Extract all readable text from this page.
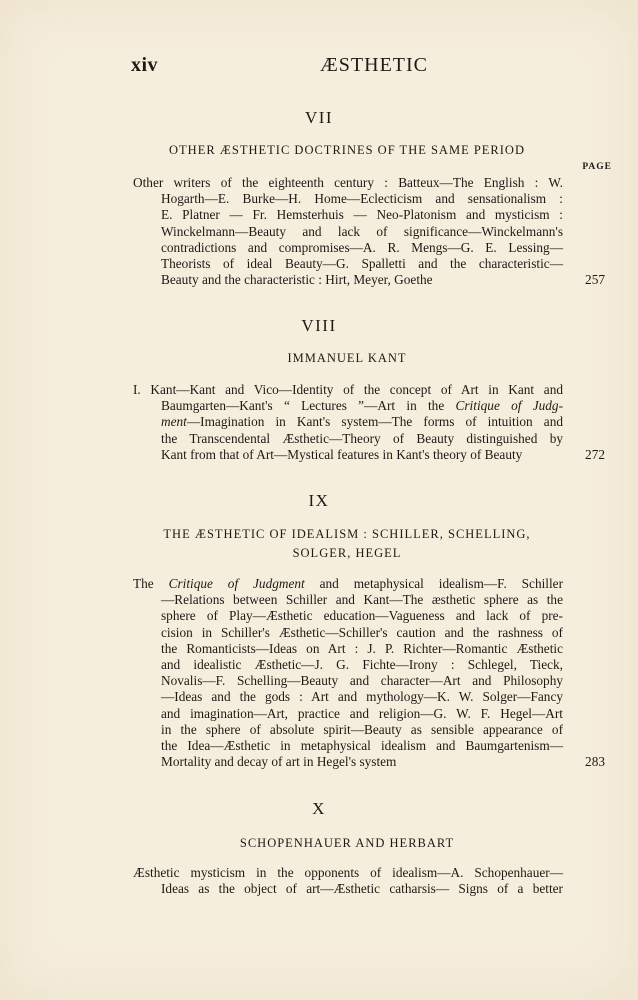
xiv	ÆSTHETIC
VII
OTHER ÆSTHETIC DOCTRINES OF THE SAME PERIOD
PAGE
Other writers of the eighteenth century : Batteux—The English : W.
Hogarth—E. Burke—H. Home—Eclecticism and sensationalism :
E. Platner — Fr. Hemsterhuis — Neo-Platonism and mysticism :
Winckelmann—Beauty and lack of significance—Winckelmann's
contradictions and compromises—A. R. Mengs—G. E. Lessing—
Theorists of ideal Beauty—G. Spalletti and the characteristic—
Beauty and the characteristic : Hirt, Meyer, Goethe	257
VIII
IMMANUEL KANT
I. Kant—Kant and Vico—Identity of the concept of Art in Kant and
Baumgarten—Kant's “ Lectures ”—Art in the Critique of Judg-
ment—Imagination in Kant's system—The forms of intuition and
the Transcendental Æsthetic—Theory of Beauty distinguished by
Kant from that of Art—Mystical features in Kant's theory of Beauty	272
IX
THE ÆSTHETIC OF IDEALISM : SCHILLER, SCHELLING,
SOLGER, HEGEL
The Critique of Judgment and metaphysical idealism—F. Schiller
—Relations between Schiller and Kant—The æsthetic sphere as the
sphere of Play—Æsthetic education—Vagueness and lack of pre-
cision in Schiller's Æsthetic—Schiller's caution and the rashness of
the Romanticists—Ideas on Art : J. P. Richter—Romantic Æsthetic
and idealistic Æsthetic—J. G. Fichte—Irony : Schlegel, Tieck,
Novalis—F. Schelling—Beauty and character—Art and Philosophy
—Ideas and the gods : Art and mythology—K. W. Solger—Fancy
and imagination—Art, practice and religion—G. W. F. Hegel—Art
in the sphere of absolute spirit—Beauty as sensible appearance of
the Idea—Æsthetic in metaphysical idealism and Baumgartenism—
Mortality and decay of art in Hegel's system	283
X
SCHOPENHAUER AND HERBART
Æsthetic mysticism in the opponents of idealism—A. Schopenhauer—
Ideas as the object of art—Æsthetic catharsis— Signs of a better
